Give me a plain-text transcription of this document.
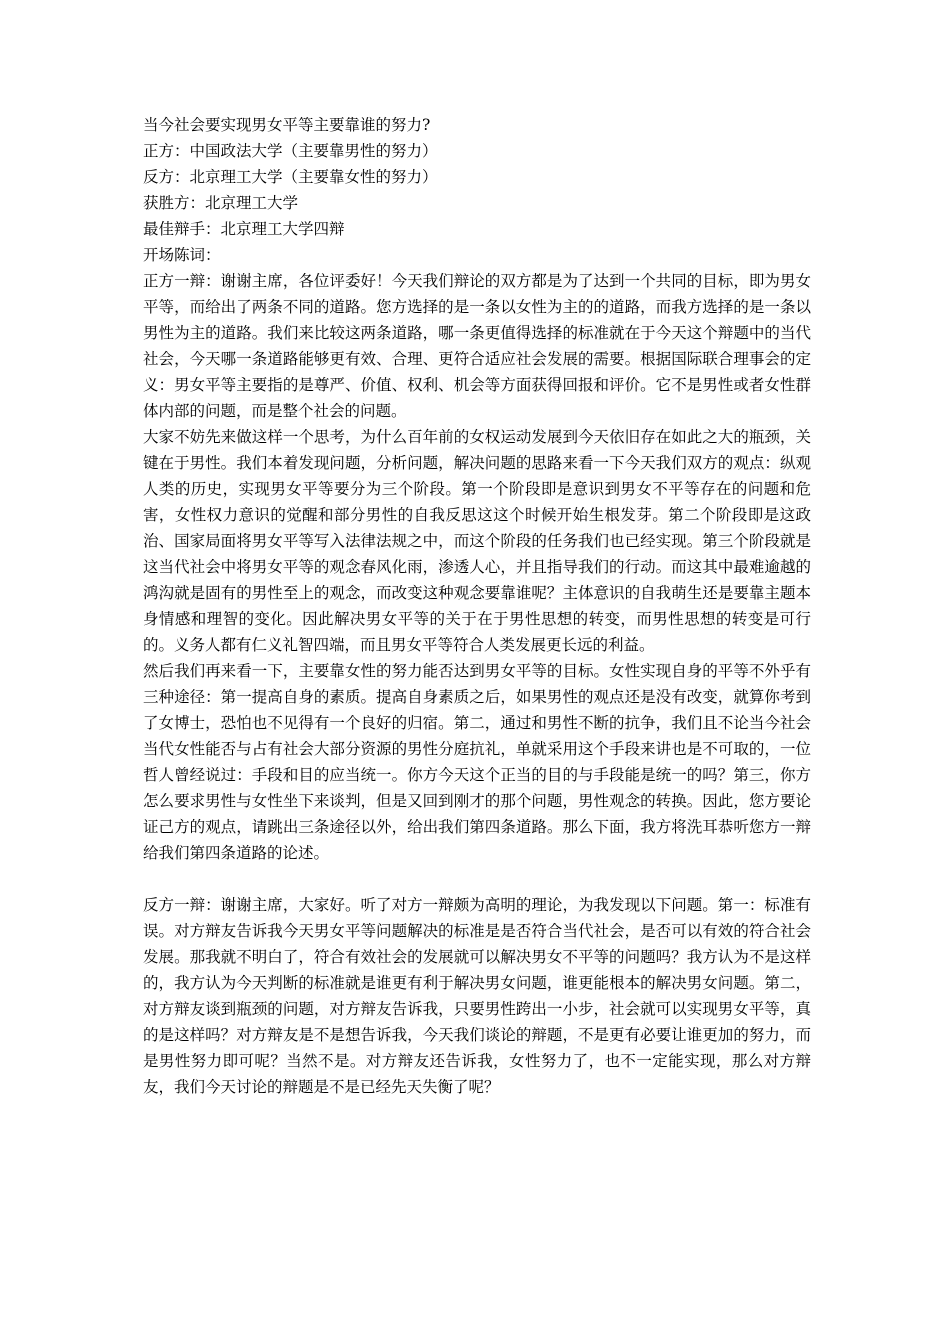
当今社会要实现男女平等主要靠谁的努力?

正方：中国政法大学（主要靠男性的努力）

反方：北京理工大学（主要靠女性的努力）

获胜方：北京理工大学

最佳辩手：北京理工大学四辩

开场陈词：

正方一辩：谢谢主席，各位评委好！今天我们辩论的双方都是为了达到一个共同的目标，即为男女平等，而给出了两条不同的道路。您方选择的是一条以女性为主的的道路，而我方选择的是一条以男性为主的道路。我们来比较这两条道路，哪一条更值得选择的标准就在于今天这个辩题中的当代社会，今天哪一条道路能够更有效、合理、更符合适应社会发展的需要。根据国际联合理事会的定义：男女平等主要指的是尊严、价值、权利、机会等方面获得回报和评价。它不是男性或者女性群体内部的问题，而是整个社会的问题。

大家不妨先来做这样一个思考，为什么百年前的女权运动发展到今天依旧存在如此之大的瓶颈，关键在于男性。我们本着发现问题，分析问题，解决问题的思路来看一下今天我们双方的观点：纵观人类的历史，实现男女平等要分为三个阶段。第一个阶段即是意识到男女不平等存在的问题和危害，女性权力意识的觉醒和部分男性的自我反思这这个时候开始生根发芽。第二个阶段即是这政治、国家局面将男女平等写入法律法规之中，而这个阶段的任务我们也已经实现。第三个阶段就是这当代社会中将男女平等的观念春风化雨，渗透人心，并且指导我们的行动。而这其中最难逾越的鸿沟就是固有的男性至上的观念，而改变这种观念要靠谁呢？主体意识的自我萌生还是要靠主题本身情感和理智的变化。因此解决男女平等的关于在于男性思想的转变，而男性思想的转变是可行的。义务人都有仁义礼智四端，而且男女平等符合人类发展更长远的利益。

然后我们再来看一下，主要靠女性的努力能否达到男女平等的目标。女性实现自身的平等不外乎有三种途径：第一提高自身的素质。提高自身素质之后，如果男性的观点还是没有改变，就算你考到了女博士，恐怕也不见得有一个良好的归宿。第二，通过和男性不断的抗争，我们且不论当今社会当代女性能否与占有社会大部分资源的男性分庭抗礼，单就采用这个手段来讲也是不可取的，一位哲人曾经说过：手段和目的应当统一。你方今天这个正当的目的与手段能是统一的吗？第三，你方怎么要求男性与女性坐下来谈判，但是又回到刚才的那个问题，男性观念的转换。因此，您方要论证己方的观点，请跳出三条途径以外，给出我们第四条道路。那么下面，我方将洗耳恭听您方一辩给我们第四条道路的论述。

反方一辩：谢谢主席，大家好。听了对方一辩颇为高明的理论，为我发现以下问题。第一：标准有误。对方辩友告诉我今天男女平等问题解决的标准是是否符合当代社会，是否可以有效的符合社会发展。那我就不明白了，符合有效社会的发展就可以解决男女不平等的问题吗？我方认为不是这样的，我方认为今天判断的标准就是谁更有利于解决男女问题，谁更能根本的解决男女问题。第二，对方辩友谈到瓶颈的问题，对方辩友告诉我，只要男性跨出一小步，社会就可以实现男女平等，真的是这样吗？对方辩友是不是想告诉我，今天我们谈论的辩题，不是更有必要让谁更加的努力，而是男性努力即可呢？当然不是。对方辩友还告诉我，女性努力了，也不一定能实现，那么对方辩友，我们今天讨论的辩题是不是已经先天失衡了呢？
